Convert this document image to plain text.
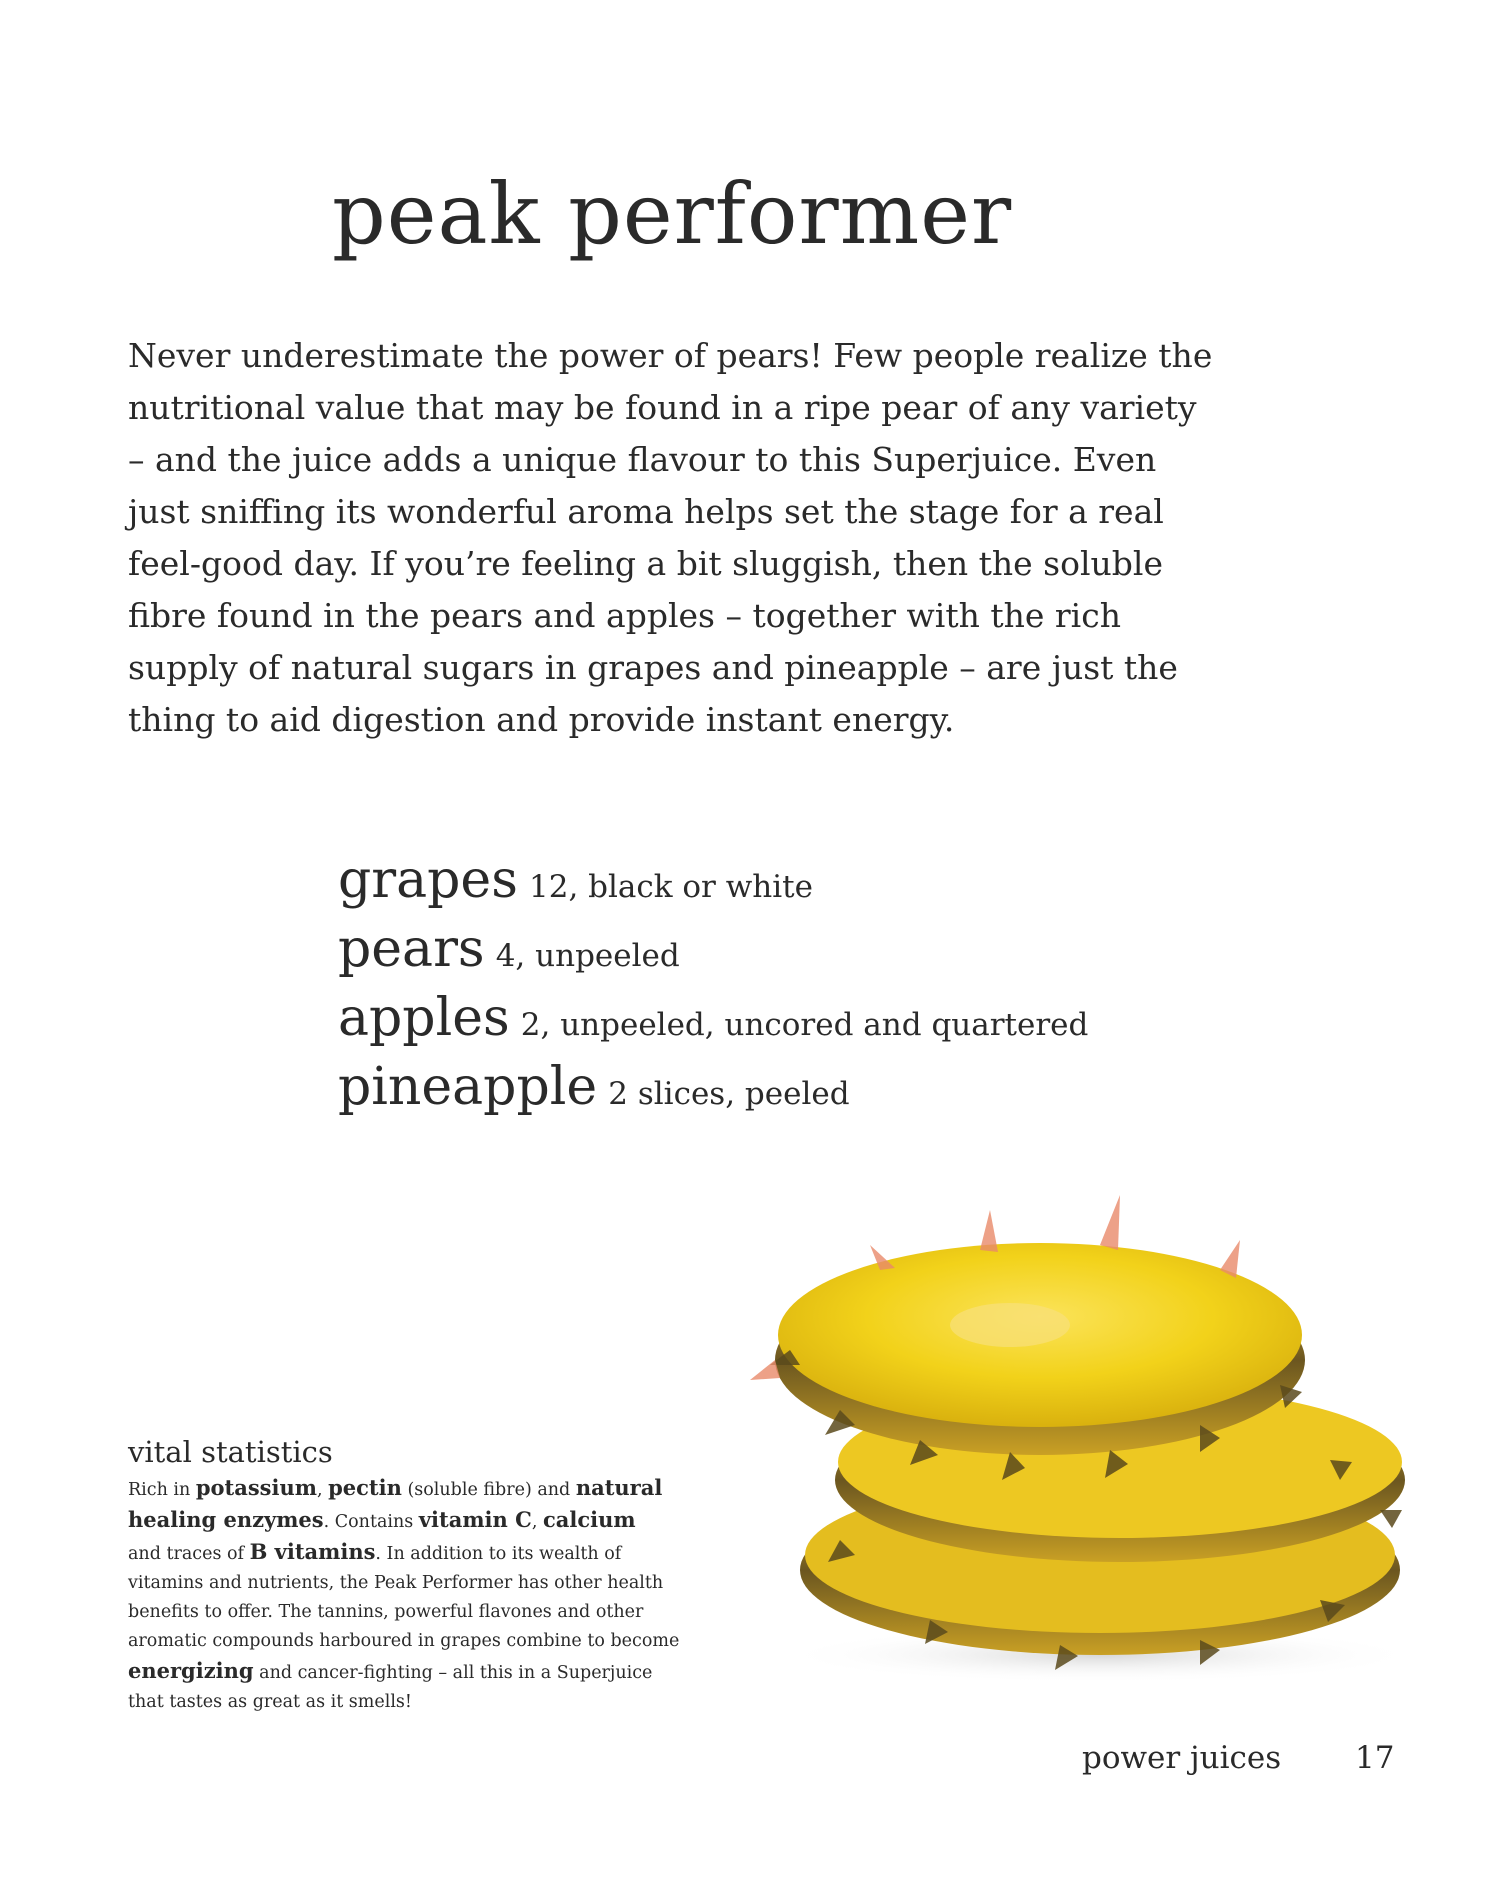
peak performer

Never underestimate the power of pears! Few people realize the
nutritional value that may be found in a ripe pear of any variety
– and the juice adds a unique flavour to this Superjuice. Even
just sniffing its wonderful aroma helps set the stage for a real
feel-good day. If you’re feeling a bit sluggish, then the soluble
fibre found in the pears and apples – together with the rich
supply of natural sugars in grapes and pineapple – are just the
thing to aid digestion and provide instant energy.

grapes 12, black or white
pears 4, unpeeled
apples 2, unpeeled, uncored and quartered
pineapple 2 slices, peeled
vital statistics
Rich in potassium, pectin (soluble fibre) and natural
healing enzymes. Contains vitamin C, calcium
and traces of B vitamins. In addition to its wealth of
vitamins and nutrients, the Peak Performer has other health
benefits to offer. The tannins, powerful flavones and other
aromatic compounds harboured in grapes combine to become
energizing and cancer-fighting – all this in a Superjuice
that tastes as great as it smells!
power juices 17
